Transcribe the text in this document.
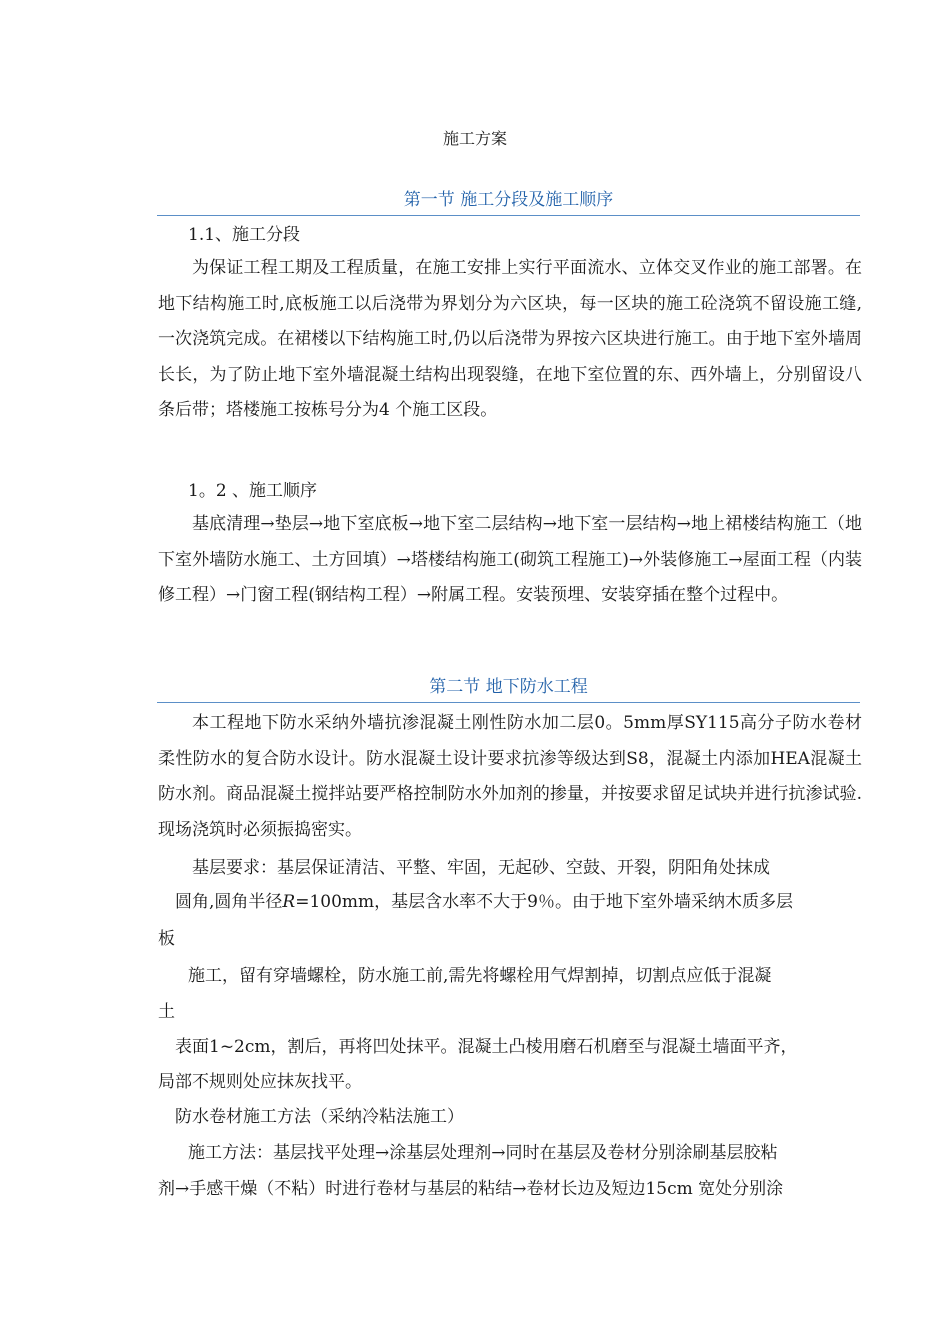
施工方案
第一节 施工分段及施工顺序
1.1、施工分段
为保证工程工期及工程质量，在施工安排上实行平面流水、立体交叉作业的施工部署。在地下结构施工时,底板施工以后浇带为界划分为六区块，每一区块的施工砼浇筑不留设施工缝,一次浇筑完成。在裙楼以下结构施工时,仍以后浇带为界按六区块进行施工。由于地下室外墙周长长，为了防止地下室外墙混凝土结构出现裂缝，在地下室位置的东、西外墙上，分别留设八条后带；塔楼施工按栋号分为4 个施工区段。
1。2 、施工顺序
基底清理→垫层→地下室底板→地下室二层结构→地下室一层结构→地上裙楼结构施工（地下室外墙防水施工、土方回填）→塔楼结构施工(砌筑工程施工)→外装修施工→屋面工程（内装修工程）→门窗工程(钢结构工程）→附属工程。安装预埋、安装穿插在整个过程中。
第二节 地下防水工程
本工程地下防水采纳外墙抗渗混凝土刚性防水加二层0。5mm厚SY115高分子防水卷材柔性防水的复合防水设计。防水混凝土设计要求抗渗等级达到S8，混凝土内添加HEA混凝土防水剂。商品混凝土搅拌站要严格控制防水外加剂的掺量，并按要求留足试块并进行抗渗试验.现场浇筑时必须振捣密实。
基层要求：基层保证清洁、平整、牢固，无起砂、空鼓、开裂，阴阳角处抹成
圆角,圆角半径R=100mm，基层含水率不大于9％。由于地下室外墙采纳木质多层
板
施工，留有穿墙螺栓，防水施工前,需先将螺栓用气焊割掉，切割点应低于混凝
土
表面1~2cm，割后，再将凹处抹平。混凝土凸棱用磨石机磨至与混凝土墙面平齐，
局部不规则处应抹灰找平。
防水卷材施工方法（采纳冷粘法施工）
施工方法：基层找平处理→涂基层处理剂→同时在基层及卷材分别涂刷基层胶粘
剂→手感干燥（不粘）时进行卷材与基层的粘结→卷材长边及短边15cm 宽处分别涂
